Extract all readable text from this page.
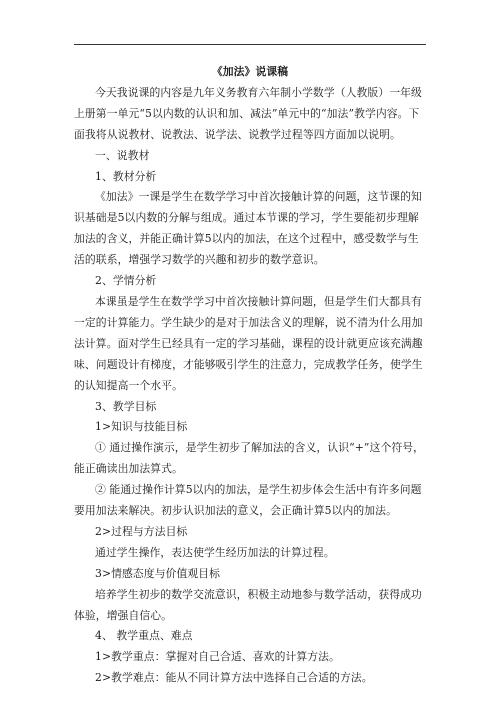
《加法》说课稿

今天我说课的内容是九年义务教育六年制小学数学（人教版）一年级上册第一单元“5以内数的认识和加、减法”单元中的“加法”教学内容。下面我将从说教材、说教法、说学法、说教学过程等四方面加以说明。

一、说教材

1、教材分析

《加法》一课是学生在数学学习中首次接触计算的问题，这节课的知识基础是5以内数的分解与组成。通过本节课的学习，学生要能初步理解加法的含义，并能正确计算5以内的加法，在这个过程中，感受数学与生活的联系，增强学习数学的兴趣和初步的数学意识。

2、学情分析

本课虽是学生在数学学习中首次接触计算问题，但是学生们大都具有一定的计算能力。学生缺少的是对于加法含义的理解，说不清为什么用加法计算。面对学生已经具有一定的学习基础，课程的设计就更应该充满趣味、问题设计有梯度，才能够吸引学生的注意力，完成教学任务，使学生的认知提高一个水平。

3、教学目标

1>知识与技能目标

① 通过操作演示，是学生初步了解加法的含义，认识“+”这个符号，能正确读出加法算式。

② 能通过操作计算5以内的加法，是学生初步体会生活中有许多问题要用加法来解决。初步认识加法的意义，会正确计算5以内的加法。

2>过程与方法目标

通过学生操作，表达使学生经历加法的计算过程。

3>情感态度与价值观目标

培养学生初步的数学交流意识，积极主动地参与数学活动，获得成功体验，增强自信心。

4、 教学重点、难点

1>教学重点：掌握对自己合适、喜欢的计算方法。

2>教学难点：能从不同计算方法中选择自己合适的方法。
